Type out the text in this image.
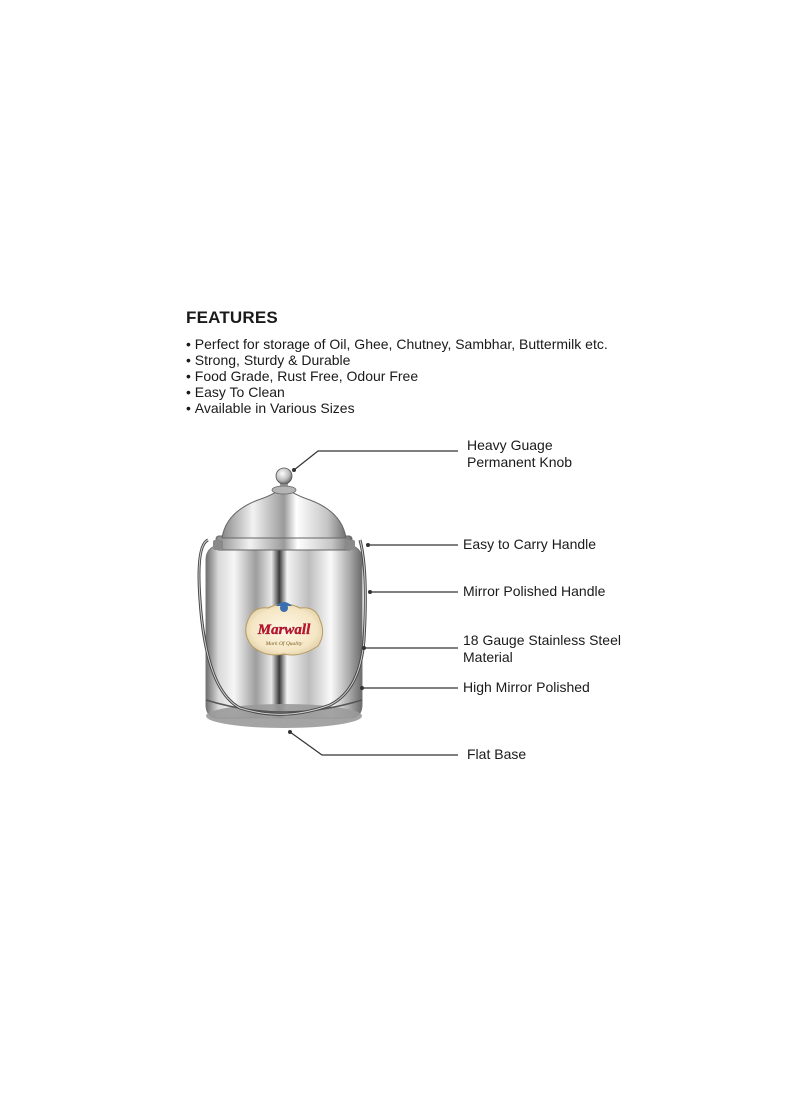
FEATURES
• Perfect for storage of Oil, Ghee, Chutney, Sambhar, Buttermilk etc.
• Strong, Sturdy & Durable
• Food Grade, Rust Free, Odour Free
• Easy To Clean
• Available in Various Sizes
Marwall
Mark Of Quality
Heavy Guage
Permanent Knob
Easy to Carry Handle
Mirror Polished Handle
18 Gauge Stainless Steel
Material
High Mirror Polished
Flat Base
